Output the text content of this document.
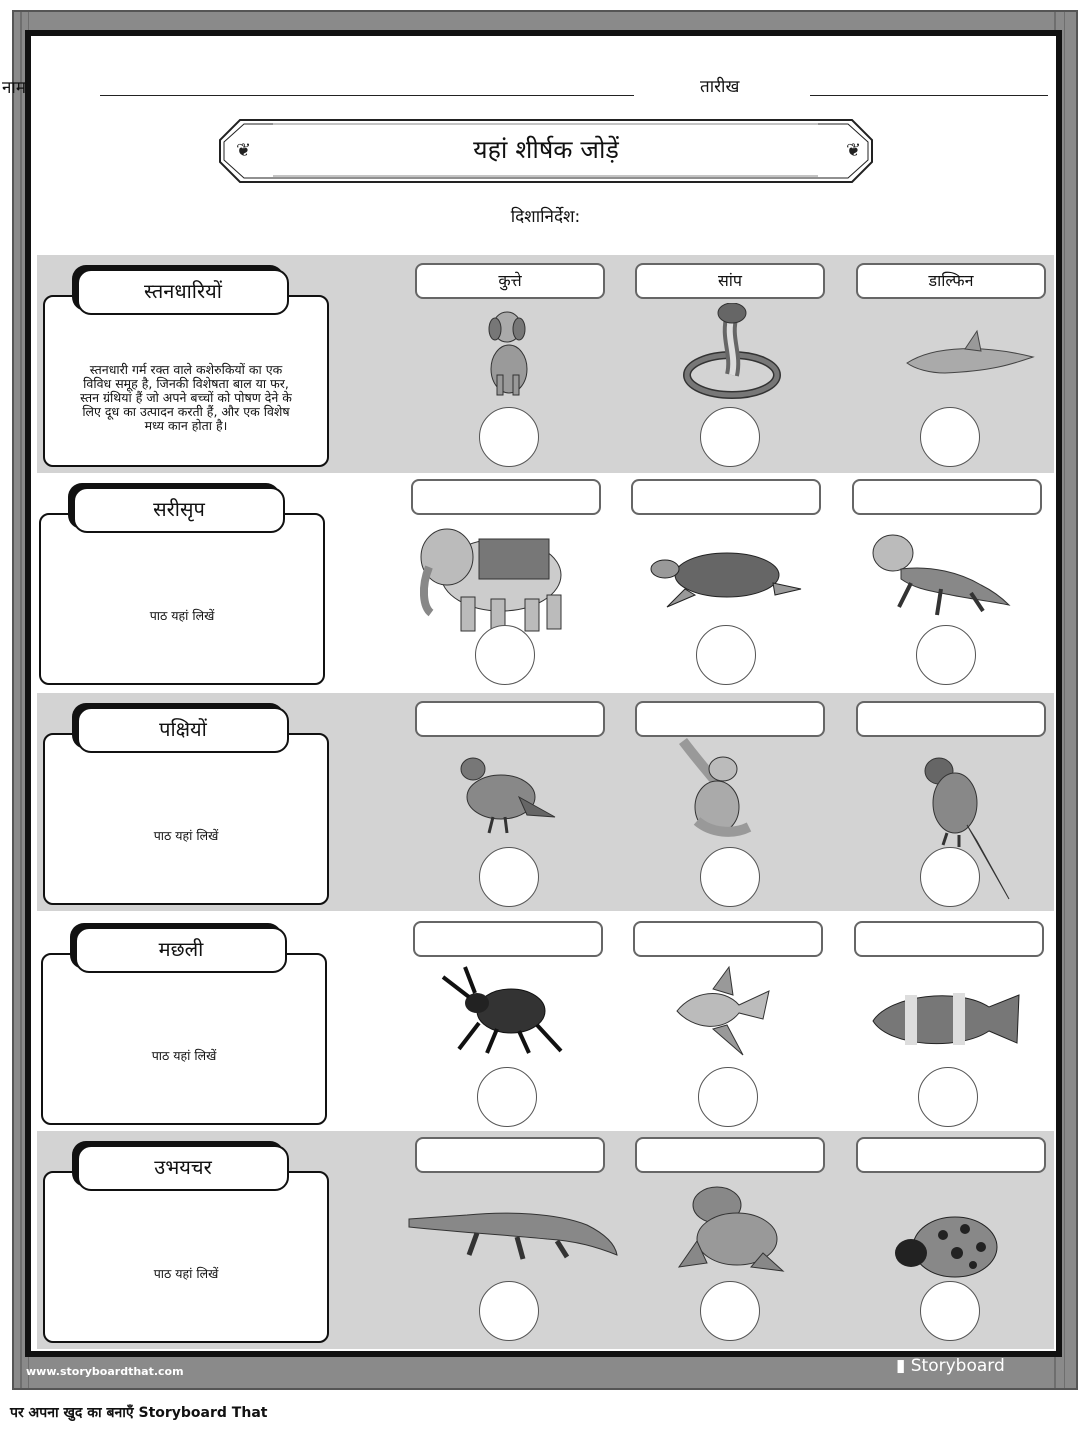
नाम	तारीख
❦	❦
यहां शीर्षक जोड़ें
दिशानिर्देश:
स्तनधारियों
स्तनधारी गर्म रक्त वाले कशेरुकियों का एक विविध समूह है, जिनकी विशेषता बाल या फर, स्तन ग्रंथियां हैं जो अपने बच्चों को पोषण देने के लिए दूध का उत्पादन करती हैं, और एक विशेष मध्य कान होता है।
कुत्ते	सांप	डाल्फिन
सरीसृप
पाठ यहां लिखें
पक्षियों
पाठ यहां लिखें
मछली
पाठ यहां लिखें
उभयचर
पाठ यहां लिखें
www.storyboardthat.com	▮ Storyboard
पर अपना खुद का बनाएँ Storyboard That
